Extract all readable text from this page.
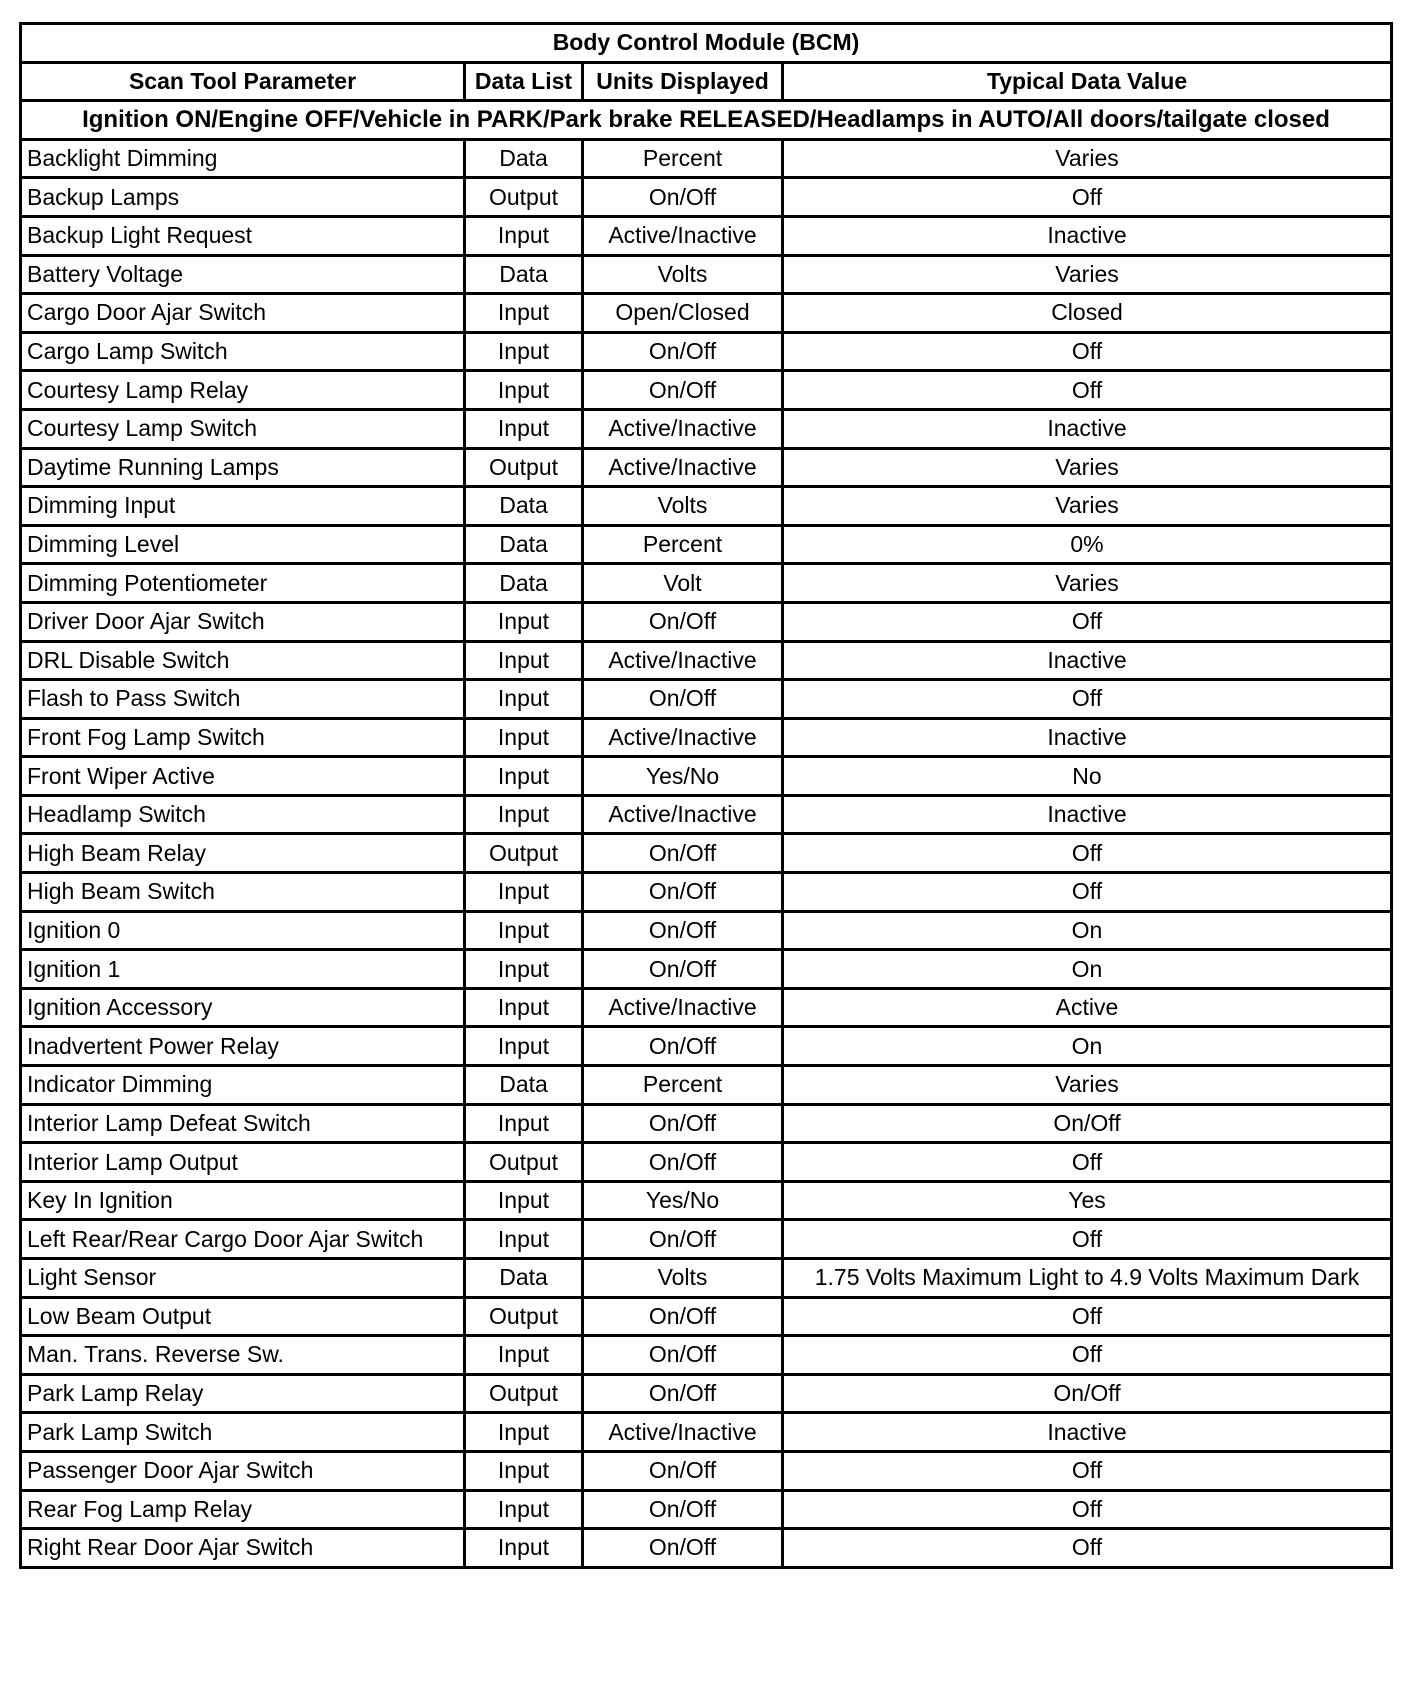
Body Control Module (BCM)			
Scan Tool Parameter	Data List	Units Displayed	Typical Data Value
Ignition ON/Engine OFF/Vehicle in PARK/Park brake RELEASED/Headlamps in AUTO/All doors/tailgate closed			
Backlight Dimming	Data	Percent	Varies
Backup Lamps	Output	On/Off	Off
Backup Light Request	Input	Active/Inactive	Inactive
Battery Voltage	Data	Volts	Varies
Cargo Door Ajar Switch	Input	Open/Closed	Closed
Cargo Lamp Switch	Input	On/Off	Off
Courtesy Lamp Relay	Input	On/Off	Off
Courtesy Lamp Switch	Input	Active/Inactive	Inactive
Daytime Running Lamps	Output	Active/Inactive	Varies
Dimming Input	Data	Volts	Varies
Dimming Level	Data	Percent	0%
Dimming Potentiometer	Data	Volt	Varies
Driver Door Ajar Switch	Input	On/Off	Off
DRL Disable Switch	Input	Active/Inactive	Inactive
Flash to Pass Switch	Input	On/Off	Off
Front Fog Lamp Switch	Input	Active/Inactive	Inactive
Front Wiper Active	Input	Yes/No	No
Headlamp Switch	Input	Active/Inactive	Inactive
High Beam Relay	Output	On/Off	Off
High Beam Switch	Input	On/Off	Off
Ignition 0	Input	On/Off	On
Ignition 1	Input	On/Off	On
Ignition Accessory	Input	Active/Inactive	Active
Inadvertent Power Relay	Input	On/Off	On
Indicator Dimming	Data	Percent	Varies
Interior Lamp Defeat Switch	Input	On/Off	On/Off
Interior Lamp Output	Output	On/Off	Off
Key In Ignition	Input	Yes/No	Yes
Left Rear/Rear Cargo Door Ajar Switch	Input	On/Off	Off
Light Sensor	Data	Volts	1.75 Volts Maximum Light to 4.9 Volts Maximum Dark
Low Beam Output	Output	On/Off	Off
Man. Trans. Reverse Sw.	Input	On/Off	Off
Park Lamp Relay	Output	On/Off	On/Off
Park Lamp Switch	Input	Active/Inactive	Inactive
Passenger Door Ajar Switch	Input	On/Off	Off
Rear Fog Lamp Relay	Input	On/Off	Off
Right Rear Door Ajar Switch	Input	On/Off	Off
